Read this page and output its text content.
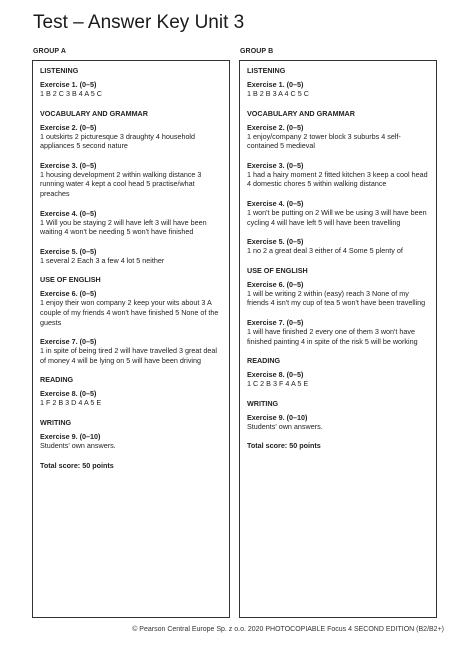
Test – Answer Key Unit 3
GROUP A	GROUP B
LISTENING
Exercise 1. (0–5)
1 B 2 C 3 B 4 A 5 C
VOCABULARY AND GRAMMAR
Exercise 2. (0–5)
1 outskirts 2 picturesque 3 draughty 4 household appliances 5 second nature
Exercise 3. (0–5)
1 housing development 2 within walking distance 3 running water 4 kept a cool head 5 practise/what preaches
Exercise 4. (0–5)
1 Will you be staying 2 will have left 3 will have been waiting 4 won't be needing 5 won't have finished
Exercise 5. (0–5)
1 several 2 Each 3 a few 4 lot 5 neither
USE OF ENGLISH
Exercise 6. (0–5)
1 enjoy their won company 2 keep your wits about 3 A couple of my friends 4 won't have finished 5 None of the guests
Exercise 7. (0–5)
1 in spite of being tired 2 will have travelled 3 great deal of money 4 will be lying on 5 will have been driving
READING
Exercise 8. (0–5)
1 F 2 B 3 D 4 A 5 E
WRITING
Exercise 9. (0–10)
Students' own answers.
Total score: 50 points
LISTENING
Exercise 1. (0–5)
1 B 2 B 3 A 4 C 5 C
VOCABULARY AND GRAMMAR
Exercise 2. (0–5)
1 enjoy/company 2 tower block 3 suburbs 4 self-contained 5 medieval
Exercise 3. (0–5)
1 had a hairy moment 2 fitted kitchen 3 keep a cool head 4 domestic chores 5 within walking distance
Exercise 4. (0–5)
1 won't be putting on 2 Will we be using 3 will have been cycling 4 will have left 5 will have been travelling
Exercise 5. (0–5)
1 no 2 a great deal 3 either of 4 Some 5 plenty of
USE OF ENGLISH
Exercise 6. (0–5)
1 will be writing 2 within (easy) reach 3 None of my friends 4 isn't my cup of tea 5 won't have been travelling
Exercise 7. (0–5)
1 will have finished 2 every one of them 3 won't have finished painting 4 in spite of the risk 5 will be working
READING
Exercise 8. (0–5)
1 C 2 B 3 F 4 A 5 E
WRITING
Exercise 9. (0–10)
Students' own answers.
Total score: 50 points
© Pearson Central Europe Sp. z o.o. 2020 PHOTOCOPIABLE Focus 4 SECOND EDITION (B2/B2+)
